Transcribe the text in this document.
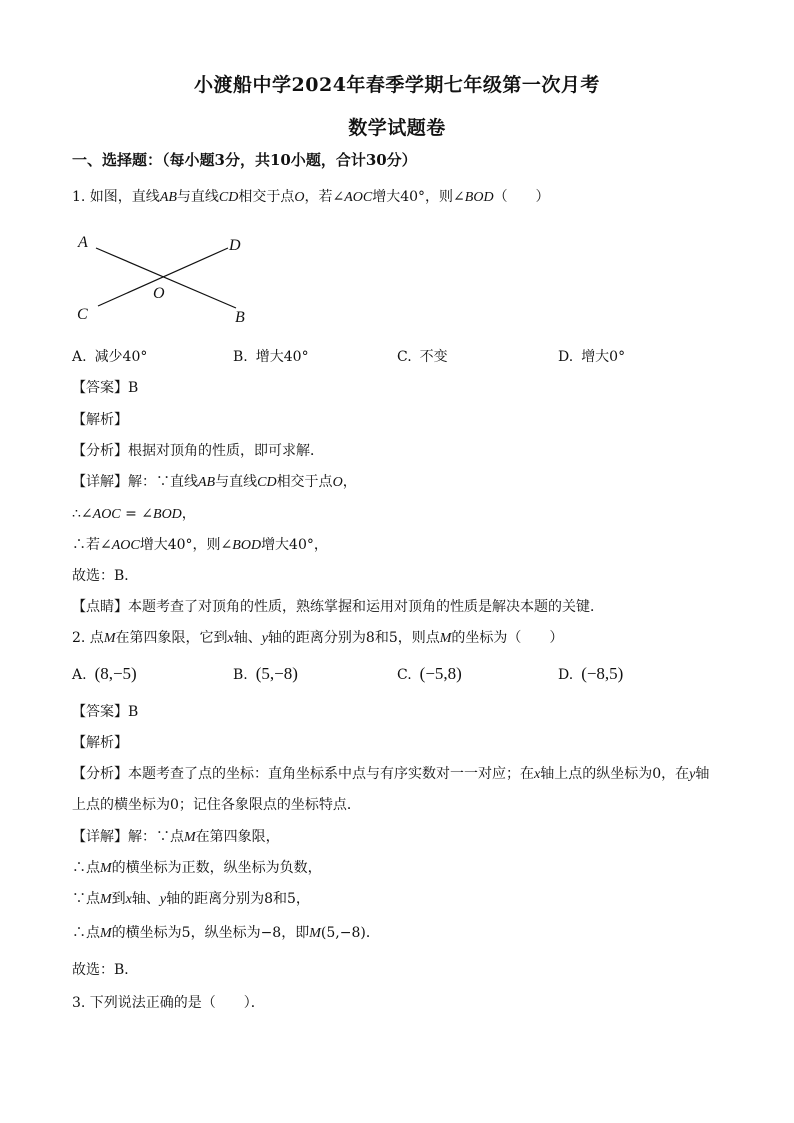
小渡船中学2024年春季学期七年级第一次月考
数学试题卷
一、选择题：（每小题3分，共10小题，合计30分）
1. 如图，直线AB与直线CD相交于点O，若∠AOC增大40°，则∠BOD（　　）
A	D
O
C	B
A. 减少40°	B. 增大40°	C. 不变	D. 增大0°
【答案】B
【解析】
【分析】根据对顶角的性质，即可求解．
【详解】解：∵直线AB与直线CD相交于点O，
∴∠AOC = ∠BOD，
∴若∠AOC增大40°，则∠BOD增大40°，
故选：B．
【点睛】本题考查了对顶角的性质，熟练掌握和运用对顶角的性质是解决本题的关键．
2. 点M在第四象限，它到x轴、y轴的距离分别为8和5，则点M的坐标为（　　）
A. (8,−5)	B. (5,−8)	C. (−5,8)	D. (−8,5)
【答案】B
【解析】
【分析】本题考查了点的坐标：直角坐标系中点与有序实数对一一对应；在x轴上点的纵坐标为0，在y轴
上点的横坐标为0；记住各象限点的坐标特点．
【详解】解：∵点M在第四象限，
∴点M的横坐标为正数，纵坐标为负数，
∵点M到x轴、y轴的距离分别为8和5，
∴点M的横坐标为5，纵坐标为−8，即M(5,−8)．
故选：B．
3. 下列说法正确的是（　　）．
